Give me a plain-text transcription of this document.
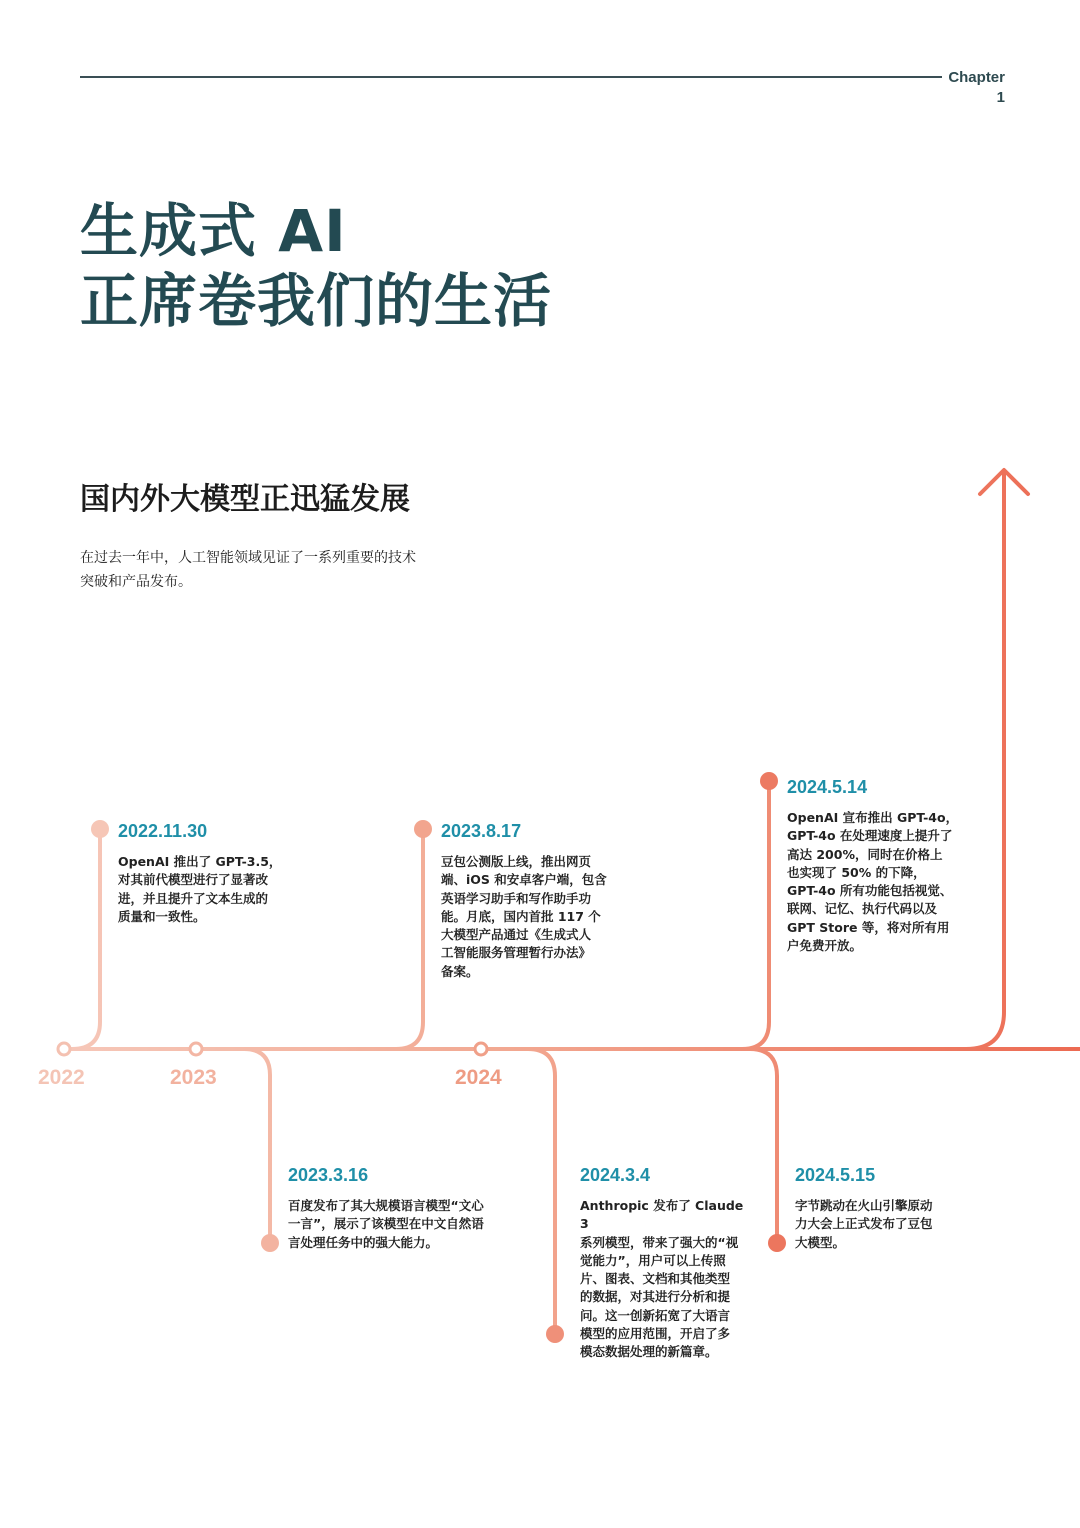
Chapter
1
生成式 AI
正席卷我们的生活
国内外大模型正迅猛发展
在过去一年中，人工智能领域见证了一系列重要的技术
突破和产品发布。
2022	2023	2024
2022.11.30
OpenAI 推出了 GPT-3.5，
对其前代模型进行了显著改
进，并且提升了文本生成的
质量和一致性。
2023.3.16
百度发布了其大规模语言模型“文心
一言”，展示了该模型在中文自然语
言处理任务中的强大能力。
2023.8.17
豆包公测版上线，推出网页
端、iOS 和安卓客户端，包含
英语学习助手和写作助手功
能。月底，国内首批 117 个
大模型产品通过《生成式人
工智能服务管理暂行办法》
备案。
2024.3.4
Anthropic 发布了 Claude 3
系列模型，带来了强大的“视
觉能力”，用户可以上传照
片、图表、文档和其他类型
的数据，对其进行分析和提
问。这一创新拓宽了大语言
模型的应用范围，开启了多
模态数据处理的新篇章。
2024.5.14
OpenAI 宣布推出 GPT-4o，
GPT-4o 在处理速度上提升了
高达 200%，同时在价格上
也实现了 50% 的下降，
GPT-4o 所有功能包括视觉、
联网、记忆、执行代码以及
GPT Store 等，将对所有用
户免费开放。
2024.5.15
字节跳动在火山引擎原动
力大会上正式发布了豆包
大模型。
